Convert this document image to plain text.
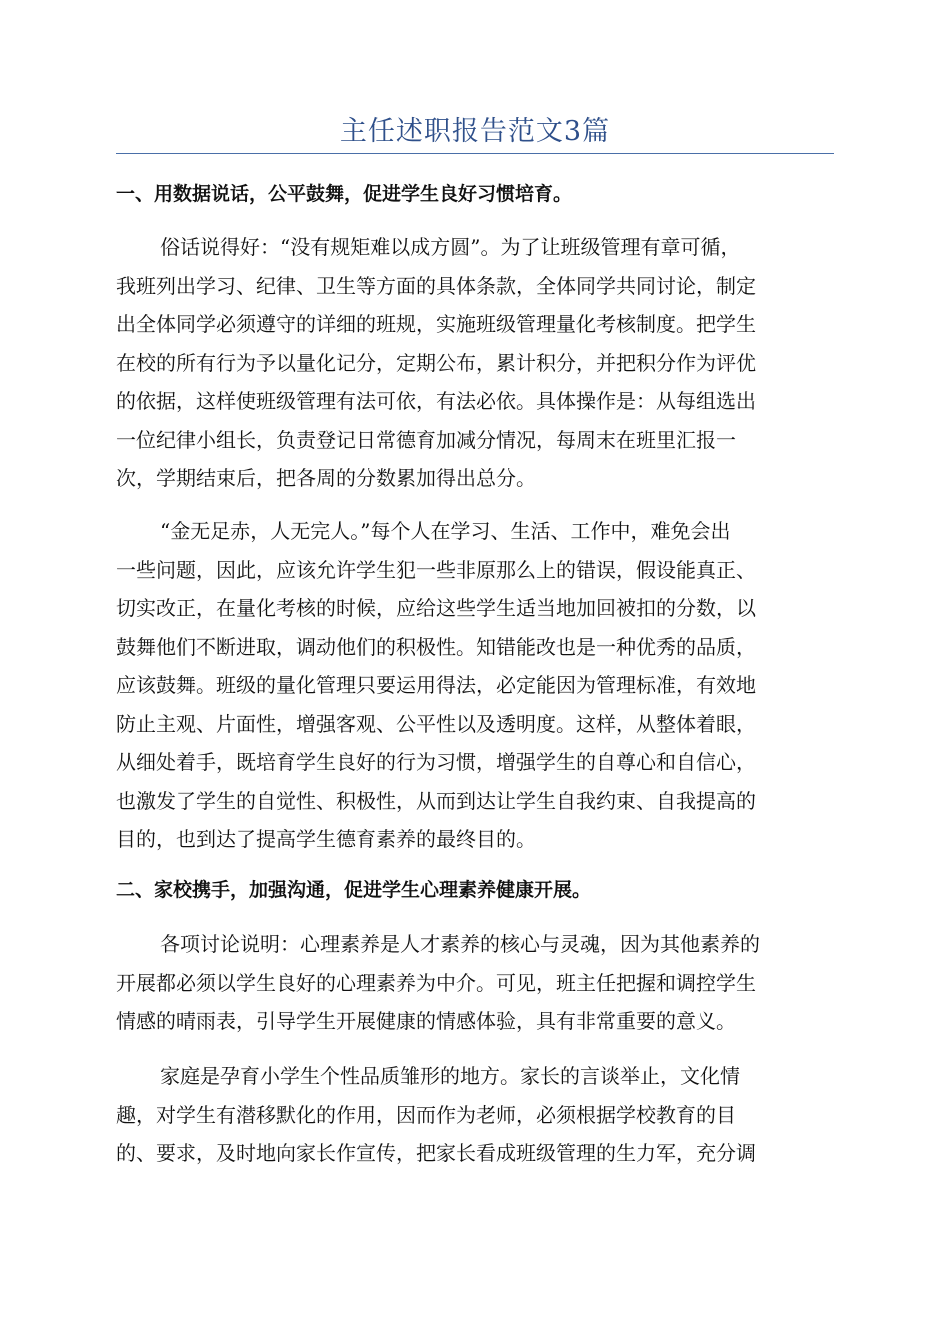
主任述职报告范文3篇
一、用数据说话，公平鼓舞，促进学生良好习惯培育。
俗话说得好：“没有规矩难以成方圆”。为了让班级管理有章可循，
我班列出学习、纪律、卫生等方面的具体条款，全体同学共同讨论，制定
出全体同学必须遵守的详细的班规，实施班级管理量化考核制度。把学生
在校的所有行为予以量化记分，定期公布，累计积分，并把积分作为评优
的依据，这样使班级管理有法可依，有法必依。具体操作是：从每组选出
一位纪律小组长，负责登记日常德育加减分情况，每周末在班里汇报一
次，学期结束后，把各周的分数累加得出总分。
“金无足赤，人无完人。”每个人在学习、生活、工作中，难免会出
一些问题，因此，应该允许学生犯一些非原那么上的错误，假设能真正、
切实改正，在量化考核的时候，应给这些学生适当地加回被扣的分数，以
鼓舞他们不断进取，调动他们的积极性。知错能改也是一种优秀的品质，
应该鼓舞。班级的量化管理只要运用得法，必定能因为管理标准，有效地
防止主观、片面性，增强客观、公平性以及透明度。这样，从整体着眼，
从细处着手，既培育学生良好的行为习惯，增强学生的自尊心和自信心，
也激发了学生的自觉性、积极性，从而到达让学生自我约束、自我提高的
目的，也到达了提高学生德育素养的最终目的。
二、家校携手，加强沟通，促进学生心理素养健康开展。
各项讨论说明：心理素养是人才素养的核心与灵魂，因为其他素养的
开展都必须以学生良好的心理素养为中介。可见，班主任把握和调控学生
情感的晴雨表，引导学生开展健康的情感体验，具有非常重要的意义。
家庭是孕育小学生个性品质雏形的地方。家长的言谈举止，文化情
趣，对学生有潜移默化的作用，因而作为老师，必须根据学校教育的目
的、要求，及时地向家长作宣传，把家长看成班级管理的生力军，充分调
